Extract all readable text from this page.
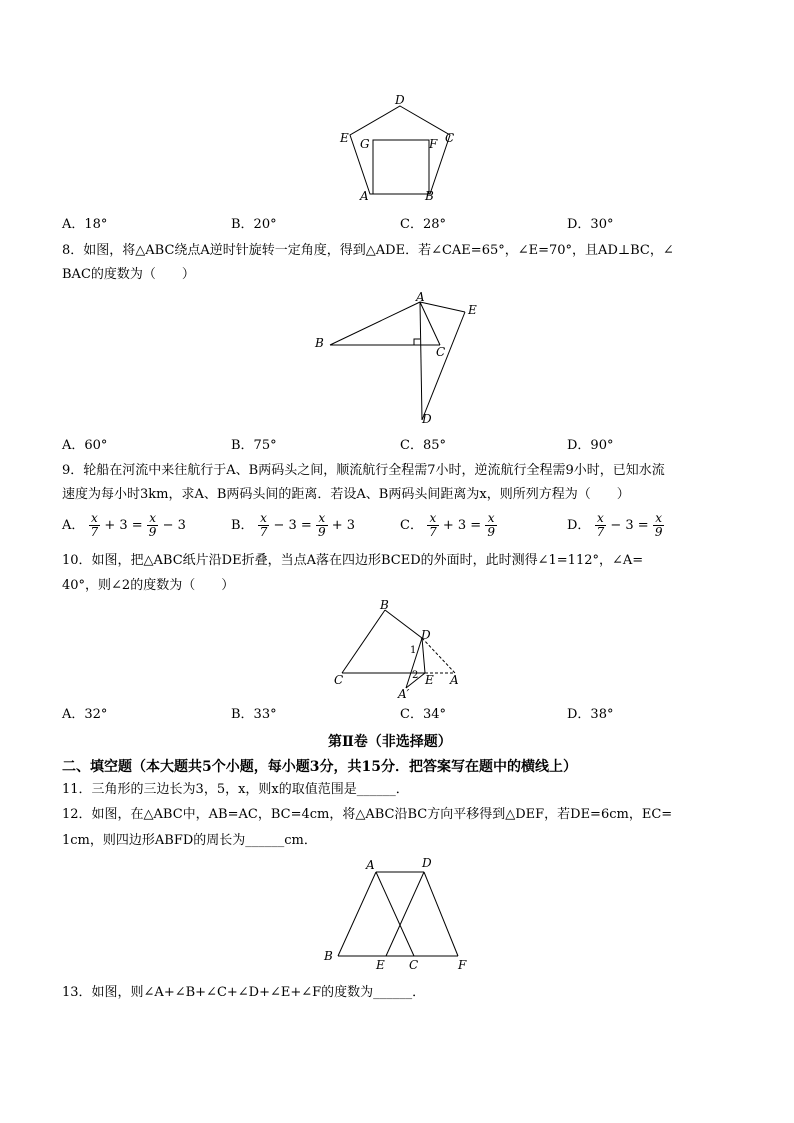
D
E G	F C
A	B
A．18°	B．20°	C．28°	D．30°
8．如图，将△ABC绕点A逆时针旋转一定角度，得到△ADE．若∠CAE=65°，∠E=70°，且AD⊥BC，∠
BAC的度数为（　　）
A
B
C
D
E
A．60°	B．75°	C．85°	D．90°
9．轮船在河流中来往航行于A、B两码头之间，顺流航行全程需7小时，逆流航行全程需9小时，已知水流
速度为每小时3km，求A、B两码头间的距离．若设A、B两码头间距离为x，则所列方程为（　　）
A． $\frac{x}{7} + 3 = \frac{x}{9} - 3$	B． $\frac{x}{7} - 3 = \frac{x}{9} + 3$	C． $\frac{x}{7} + 3 = \frac{x}{9}$	D． $\frac{x}{7} - 3 = \frac{x}{9}$
10．如图，把△ABC纸片沿DE折叠，当点A落在四边形BCED的外面时，此时测得∠1=112°，∠A=
40°，则∠2的度数为（　　）
B
D
1
2
C	E A
A′
A．32°	B．33°	C．34°	D．38°
第Ⅱ卷（非选择题）
二、填空题（本大题共5个小题，每小题3分，共15分．把答案写在题中的横线上）
11．三角形的三边长为3，5，x，则x的取值范围是______．
12．如图，在△ABC中，AB=AC，BC=4cm，将△ABC沿BC方向平移得到△DEF，若DE=6cm，EC=
1cm，则四边形ABFD的周长为______cm．
A	D
B
E C	F
13．如图，则∠A+∠B+∠C+∠D+∠E+∠F的度数为______．
